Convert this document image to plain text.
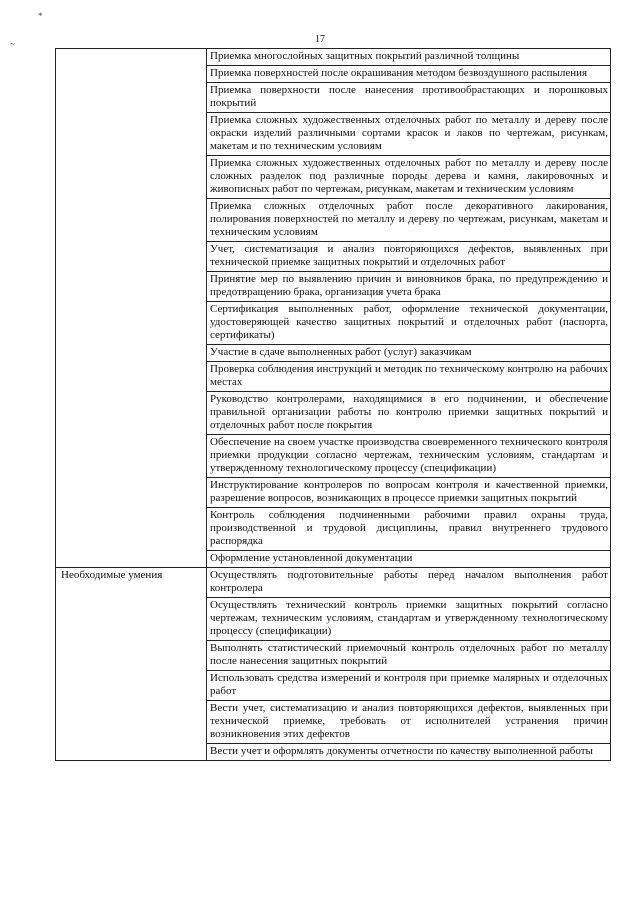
*
~	17
	Приемка многослойных защитных покрытий различной толщины
	Приемка поверхностей после окрашивания методом безвоздушного распыления
	Приемка поверхности после нанесения противообрастающих и порошковых покрытий
	Приемка сложных художественных отделочных работ по металлу и дереву после окраски изделий различными сортами красок и лаков по чертежам, рисункам, макетам и по техническим условиям
	Приемка сложных художественных отделочных работ по металлу и дереву после сложных разделок под различные породы дерева и камня, лакировочных и живописных работ по чертежам, рисункам, макетам и техническим условиям
	Приемка сложных отделочных работ после декоративного лакирования, полирования поверхностей по металлу и дереву по чертежам, рисункам, макетам и техническим условиям
	Учет, систематизация и анализ повторяющихся дефектов, выявленных при технической приемке защитных покрытий и отделочных работ
	Принятие мер по выявлению причин и виновников брака, по предупреждению и предотвращению брака, организация учета брака
	Сертификация выполненных работ, оформление технической документации, удостоверяющей качество защитных покрытий и отделочных работ (паспорта, сертификаты)
	Участие в сдаче выполненных работ (услуг) заказчикам
	Проверка соблюдения инструкций и методик по техническому контролю на рабочих местах
	Руководство контролерами, находящимися в его подчинении, и обеспечение правильной организации работы по контролю приемки защитных покрытий и отделочных работ после покрытия
	Обеспечение на своем участке производства своевременного технического контроля приемки продукции согласно чертежам, техническим условиям, стандартам и утвержденному технологическому процессу (спецификации)
	Инструктирование контролеров по вопросам контроля и качественной приемки, разрешение вопросов, возникающих в процессе приемки защитных покрытий
	Контроль соблюдения подчиненными рабочими правил охраны труда, производственной и трудовой дисциплины, правил внутреннего трудового распорядка
	Оформление установленной документации
Необходимые умения	Осуществлять подготовительные работы перед началом выполнения работ контролера
	Осуществлять технический контроль приемки защитных покрытий согласно чертежам, техническим условиям, стандартам и утвержденному технологическому процессу (спецификации)
	Выполнять статистический приемочный контроль отделочных работ по металлу после нанесения защитных покрытий
	Использовать средства измерений и контроля при приемке малярных и отделочных работ
	Вести учет, систематизацию и анализ повторяющихся дефектов, выявленных при технической приемке, требовать от исполнителей устранения причин возникновения этих дефектов
	Вести учет и оформлять документы отчетности по качеству выполненной работы
